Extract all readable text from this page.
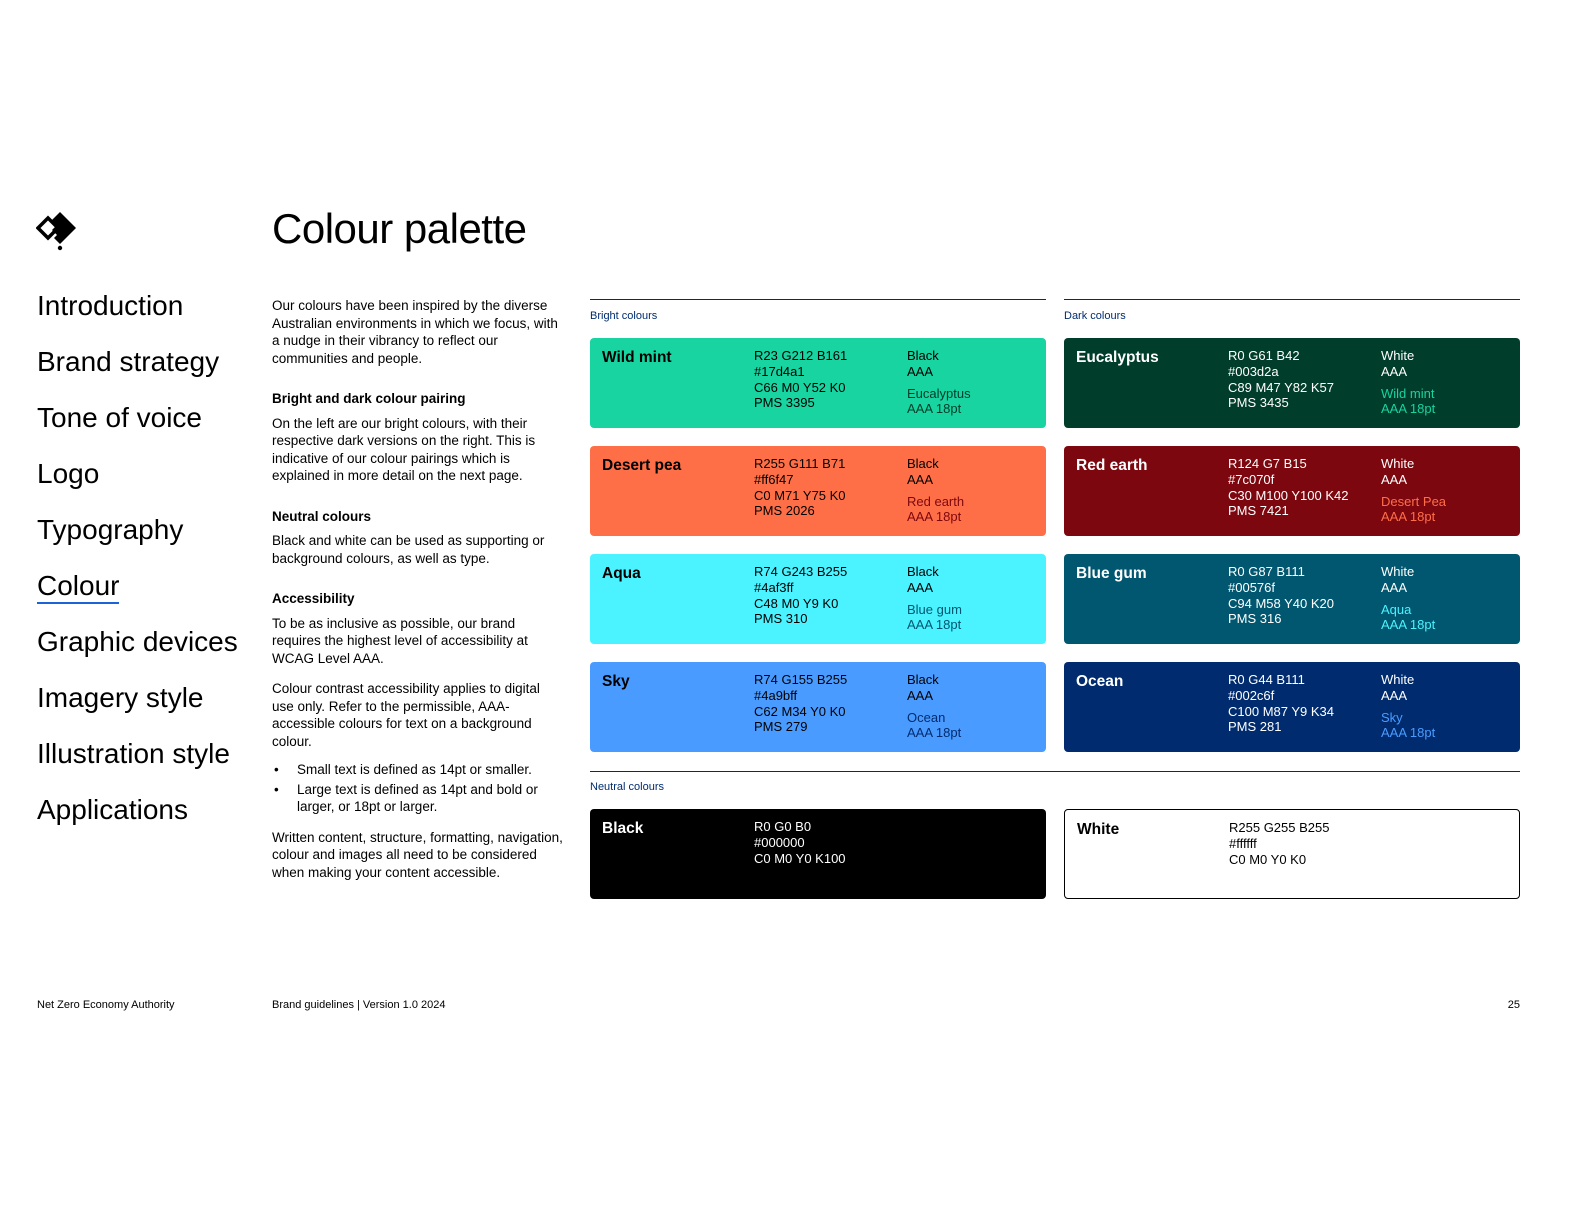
Colour palette
Introduction
Brand strategy
Tone of voice
Logo
Typography
Colour
Graphic devices
Imagery style
Illustration style
Applications

Our colours have been inspired by the diverse Australian environments in which we focus, with a nudge in their vibrancy to reflect our communities and people.

Bright and dark colour pairing

On the left are our bright colours, with their respective dark versions on the right. This is indicative of our colour pairings which is explained in more detail on the next page.

Neutral colours

Black and white can be used as supporting or background colours, as well as type.

Accessibility

To be as inclusive as possible, our brand requires the highest level of accessibility at WCAG Level AAA.

Colour contrast accessibility applies to digital use only. Refer to the permissible, AAA-accessible colours for text on a background colour.

• Small text is defined as 14pt or smaller.
• Large text is defined as 14pt and bold or larger, or 18pt or larger.

Written content, structure, formatting, navigation, colour and images all need to be considered when making your content accessible.

Bright colours	Dark colours
Neutral colours
Wild mint	R23 G212 B161
#17d4a1
C66 M0 Y52 K0
PMS 3395
Black
AAA
Eucalyptus
AAA 18pt
Desert pea	R255 G111 B71
#ff6f47
C0 M71 Y75 K0
PMS 2026
Black
AAA
Red earth
AAA 18pt
Aqua	R74 G243 B255
#4af3ff
C48 M0 Y9 K0
PMS 310
Black
AAA
Blue gum
AAA 18pt
Sky	R74 G155 B255
#4a9bff
C62 M34 Y0 K0
PMS 279
Black
AAA
Ocean
AAA 18pt
Eucalyptus	R0 G61 B42
#003d2a
C89 M47 Y82 K57
PMS 3435
White
AAA
Wild mint
AAA 18pt
Red earth	R124 G7 B15
#7c070f
C30 M100 Y100 K42
PMS 7421
White
AAA
Desert Pea
AAA 18pt
Blue gum	R0 G87 B111
#00576f
C94 M58 Y40 K20
PMS 316
White
AAA
Aqua
AAA 18pt
Ocean	R0 G44 B111
#002c6f
C100 M87 Y9 K34
PMS 281
White
AAA
Sky
AAA 18pt
Black	R0 G0 B0
#000000
C0 M0 Y0 K100
White	R255 G255 B255
#ffffff
C0 M0 Y0 K0
Net Zero Economy Authority	Brand guidelines | Version 1.0 2024	25
